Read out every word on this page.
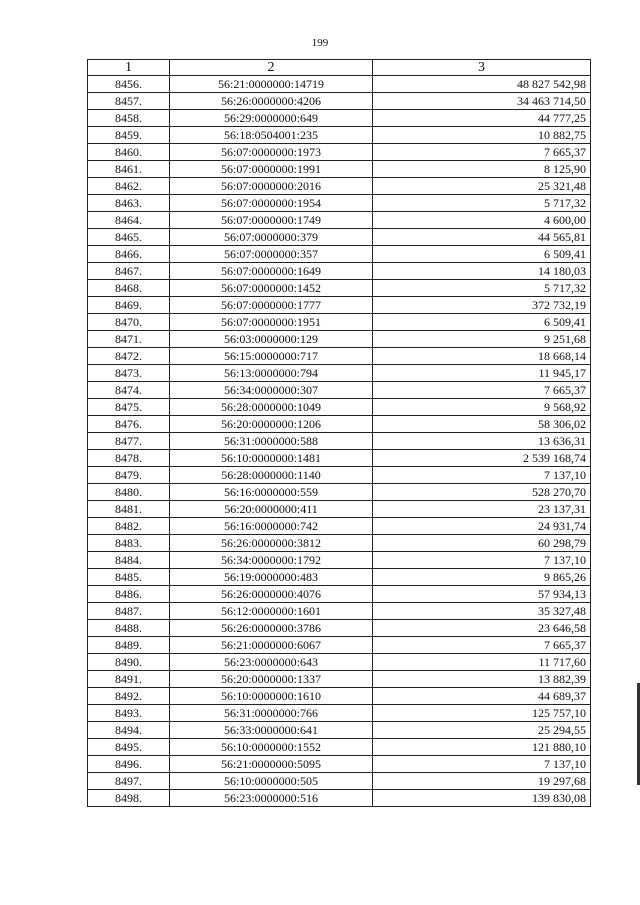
199
1	2	3
8456.	56:21:0000000:14719	48 827 542,98
8457.	56:26:0000000:4206	34 463 714,50
8458.	56:29:0000000:649	44 777,25
8459.	56:18:0504001:235	10 882,75
8460.	56:07:0000000:1973	7 665,37
8461.	56:07:0000000:1991	8 125,90
8462.	56:07:0000000:2016	25 321,48
8463.	56:07:0000000:1954	5 717,32
8464.	56:07:0000000:1749	4 600,00
8465.	56:07:0000000:379	44 565,81
8466.	56:07:0000000:357	6 509,41
8467.	56:07:0000000:1649	14 180,03
8468.	56:07:0000000:1452	5 717,32
8469.	56:07:0000000:1777	372 732,19
8470.	56:07:0000000:1951	6 509,41
8471.	56:03:0000000:129	9 251,68
8472.	56:15:0000000:717	18 668,14
8473.	56:13:0000000:794	11 945,17
8474.	56:34:0000000:307	7 665,37
8475.	56:28:0000000:1049	9 568,92
8476.	56:20:0000000:1206	58 306,02
8477.	56:31:0000000:588	13 636,31
8478.	56:10:0000000:1481	2 539 168,74
8479.	56:28:0000000:1140	7 137,10
8480.	56:16:0000000:559	528 270,70
8481.	56:20:0000000:411	23 137,31
8482.	56:16:0000000:742	24 931,74
8483.	56:26:0000000:3812	60 298,79
8484.	56:34:0000000:1792	7 137,10
8485.	56:19:0000000:483	9 865,26
8486.	56:26:0000000:4076	57 934,13
8487.	56:12:0000000:1601	35 327,48
8488.	56:26:0000000:3786	23 646,58
8489.	56:21:0000000:6067	7 665,37
8490.	56:23:0000000:643	11 717,60
8491.	56:20:0000000:1337	13 882,39
8492.	56:10:0000000:1610	44 689,37
8493.	56:31:0000000:766	125 757,10
8494.	56:33:0000000:641	25 294,55
8495.	56:10:0000000:1552	121 880,10
8496.	56:21:0000000:5095	7 137,10
8497.	56:10:0000000:505	19 297,68
8498.	56:23:0000000:516	139 830,08
